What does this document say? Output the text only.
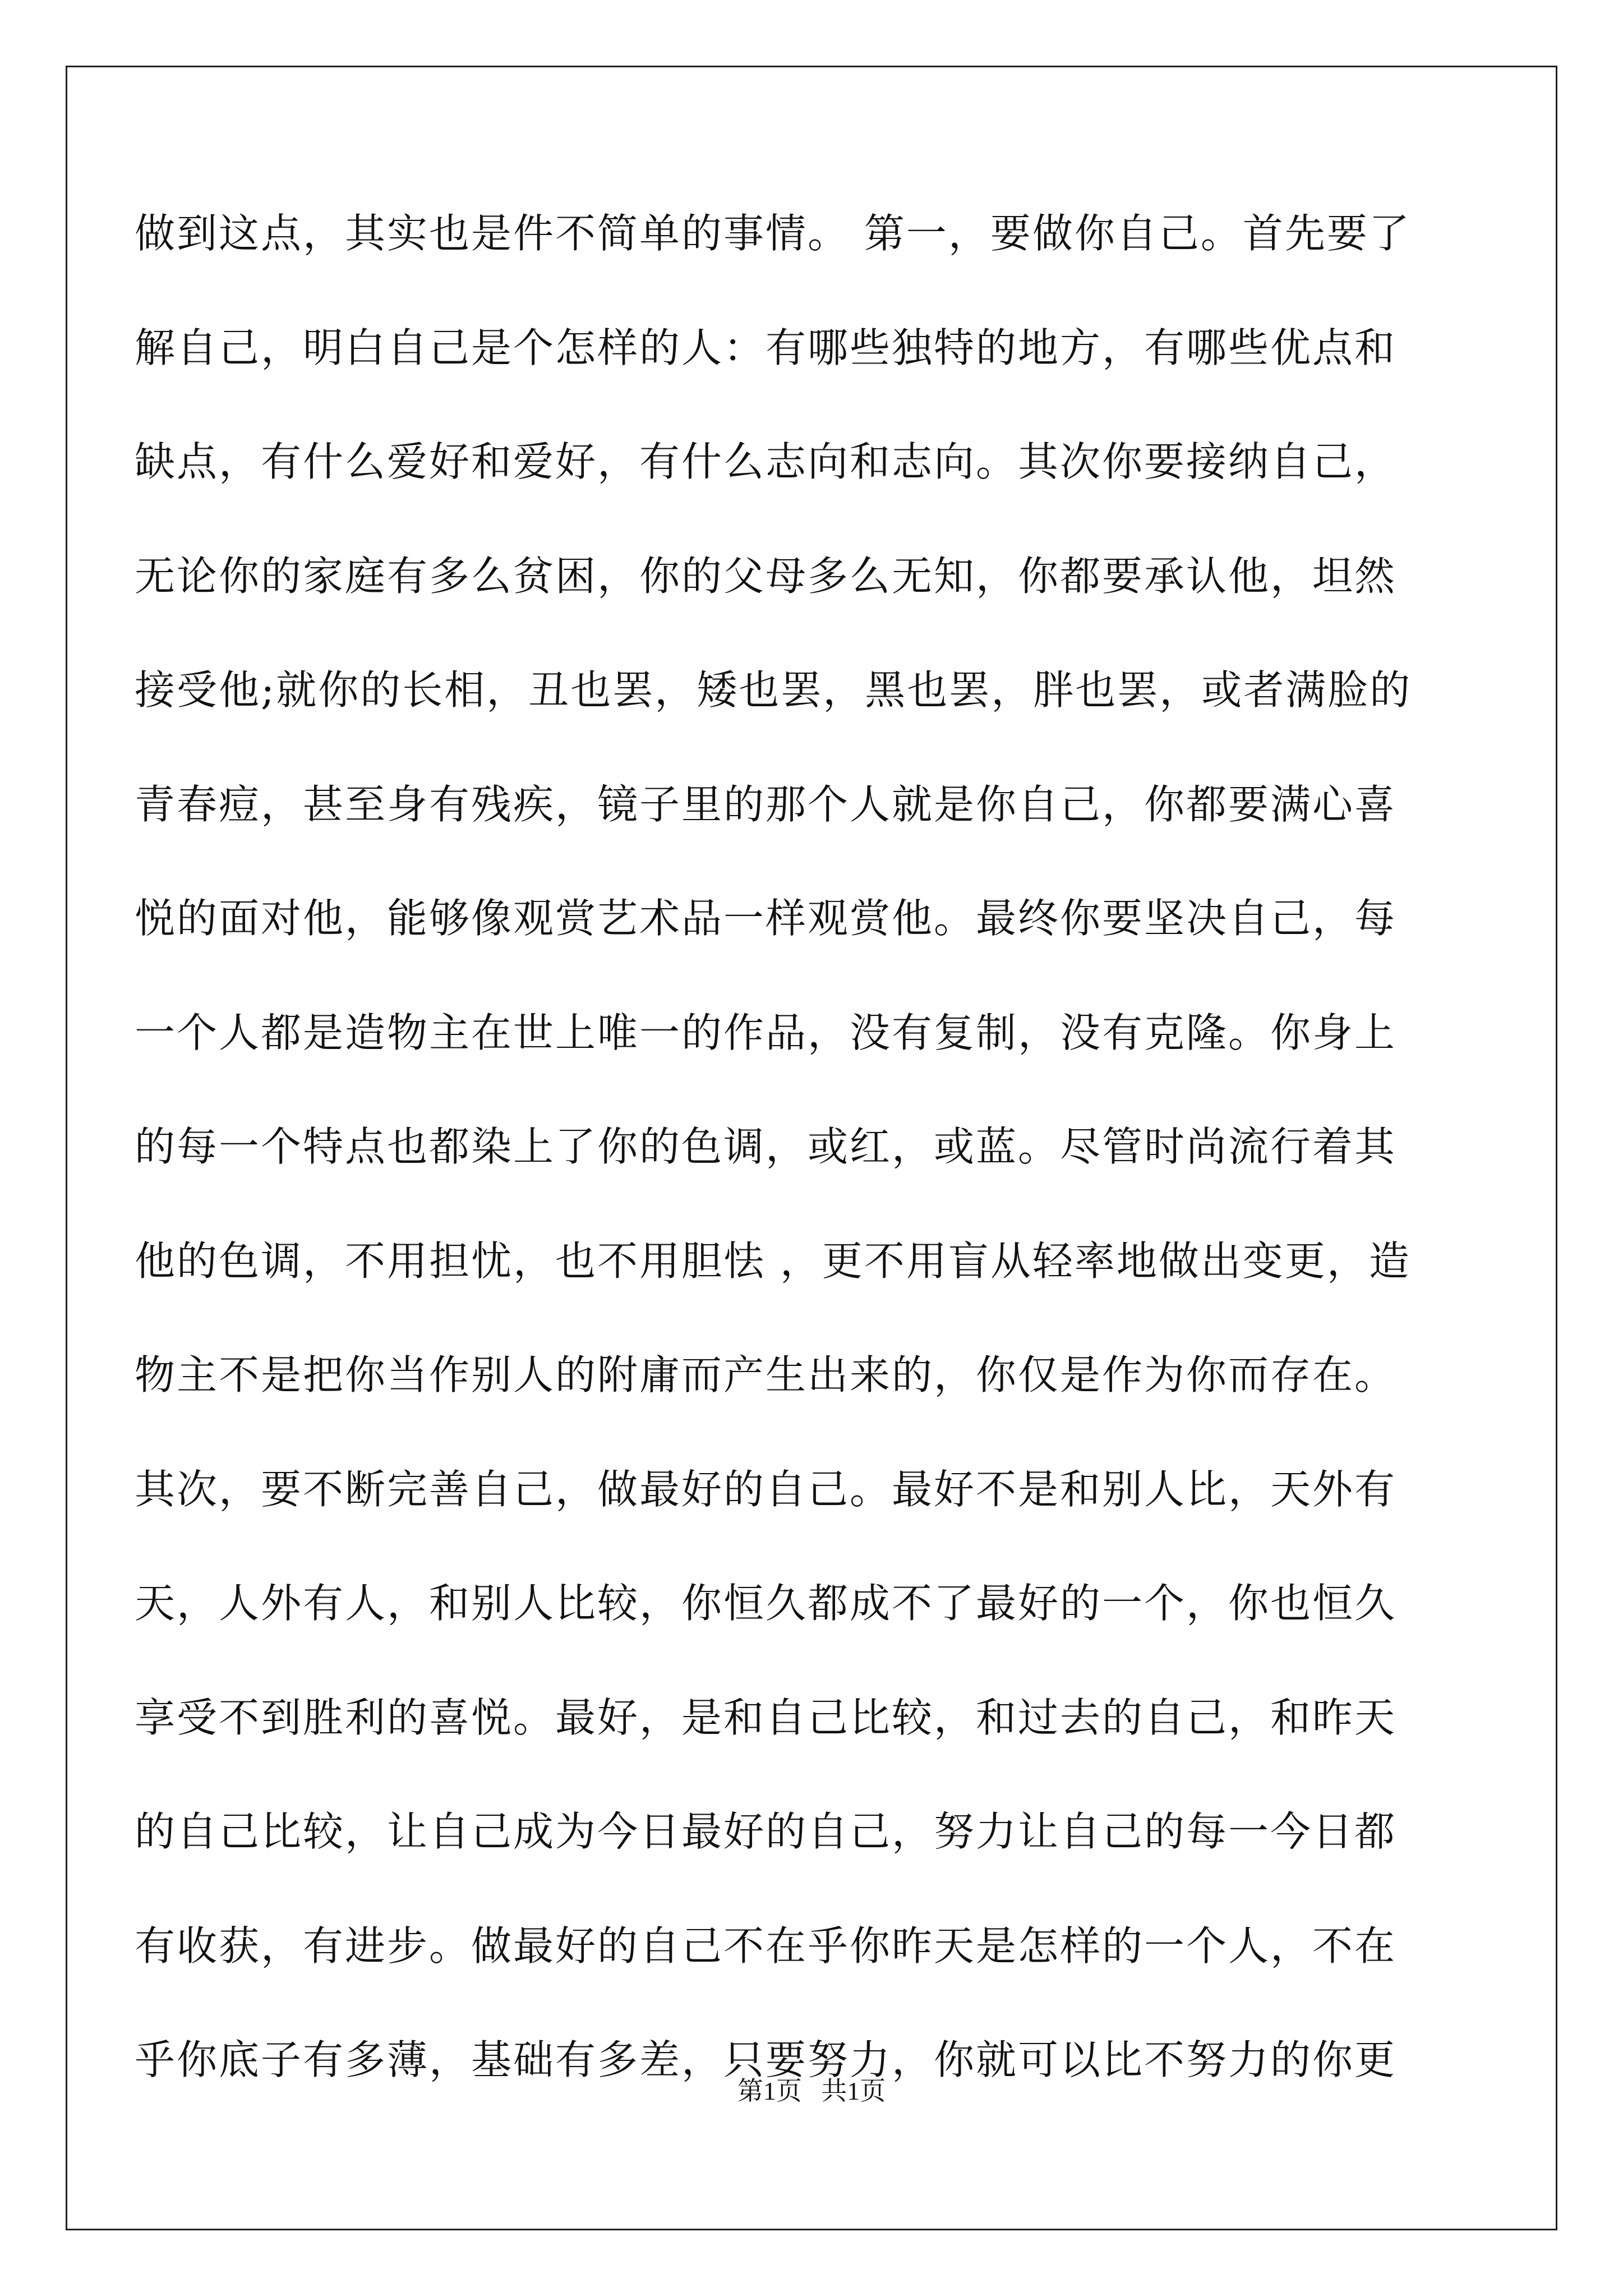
做到这点，其实也是件不简单的事情。 第一，要做你自己。首先要了
解自己，明白自己是个怎样的人：有哪些独特的地方，有哪些优点和
缺点，有什么爱好和爱好，有什么志向和志向。其次你要接纳自己，
无论你的家庭有多么贫困，你的父母多么无知，你都要承认他，坦然
接受他;就你的长相，丑也罢，矮也罢，黑也罢，胖也罢，或者满脸的
青春痘，甚至身有残疾，镜子里的那个人就是你自己，你都要满心喜
悦的面对他，能够像观赏艺术品一样观赏他。最终你要坚决自己，每
一个人都是造物主在世上唯一的作品，没有复制，没有克隆。你身上
的每一个特点也都染上了你的色调，或红，或蓝。尽管时尚流行着其
他的色调，不用担忧，也不用胆怯 ，更不用盲从轻率地做出变更，造
物主不是把你当作别人的附庸而产生出来的，你仅是作为你而存在。
其次，要不断完善自己，做最好的自己。最好不是和别人比，天外有
天，人外有人，和别人比较，你恒久都成不了最好的一个，你也恒久
享受不到胜利的喜悦。最好，是和自己比较，和过去的自己，和昨天
的自己比较，让自己成为今日最好的自己，努力让自己的每一今日都
有收获，有进步。做最好的自己不在乎你昨天是怎样的一个人，不在
乎你底子有多薄，基础有多差，只要努力，你就可以比不努力的你更
第1页   共1页
